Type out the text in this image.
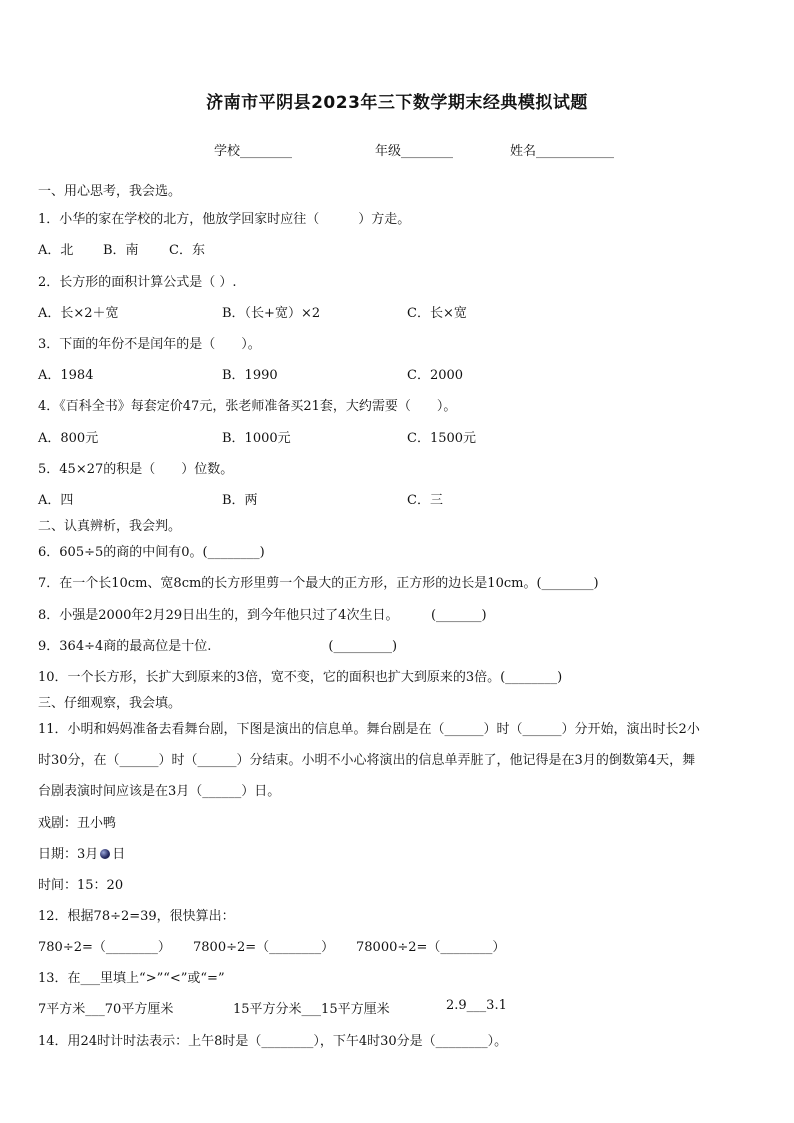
济南市平阴县2023年三下数学期末经典模拟试题
学校________	年级________	姓名____________
一、用心思考，我会选。
1．小华的家在学校的北方，他放学回家时应往（　　　）方走。
A．北 B．南 C．东
2．长方形的面积计算公式是（ ）.
A．长×2＋宽	B．（长+宽）×2	C．长×宽
3．下面的年份不是闰年的是（　　）。
A．1984	B．1990	C．2000
4．《百科全书》每套定价47元，张老师准备买21套，大约需要（　　）。
A．800元	B．1000元	C．1500元
5．45×27的积是（　　）位数。
A．四	B．两	C．三
二、认真辨析，我会判。
6．605÷5的商的中间有0。(________)
7．在一个长10cm、宽8cm的长方形里剪一个最大的正方形，正方形的边长是10cm。(________)
8．小强是2000年2月29日出生的，到今年他只过了4次生日。　　　(_______)
9．364÷4商的最高位是十位.　　　　　　　　　(_________)
10．一个长方形，长扩大到原来的3倍，宽不变，它的面积也扩大到原来的3倍。(________)
三、仔细观察，我会填。
11．小明和妈妈准备去看舞台剧，下图是演出的信息单。舞台剧是在（______）时（______）分开始，演出时长2小
时30分，在（______）时（______）分结束。小明不小心将演出的信息单弄脏了，他记得是在3月的倒数第4天，舞
台剧表演时间应该是在3月（______）日。
戏剧：丑小鸭
日期：3月 日
时间：15：20
12．根据78÷2=39，很快算出：
780÷2=（________） 7800÷2=（________） 78000÷2=（________）
13．在___里填上“>”“<”或“=”
7平方米___70平方厘米	15平方分米___15平方厘米	2.9___3.1
14．用24时计时法表示：上午8时是（________），下午4时30分是（________）。
